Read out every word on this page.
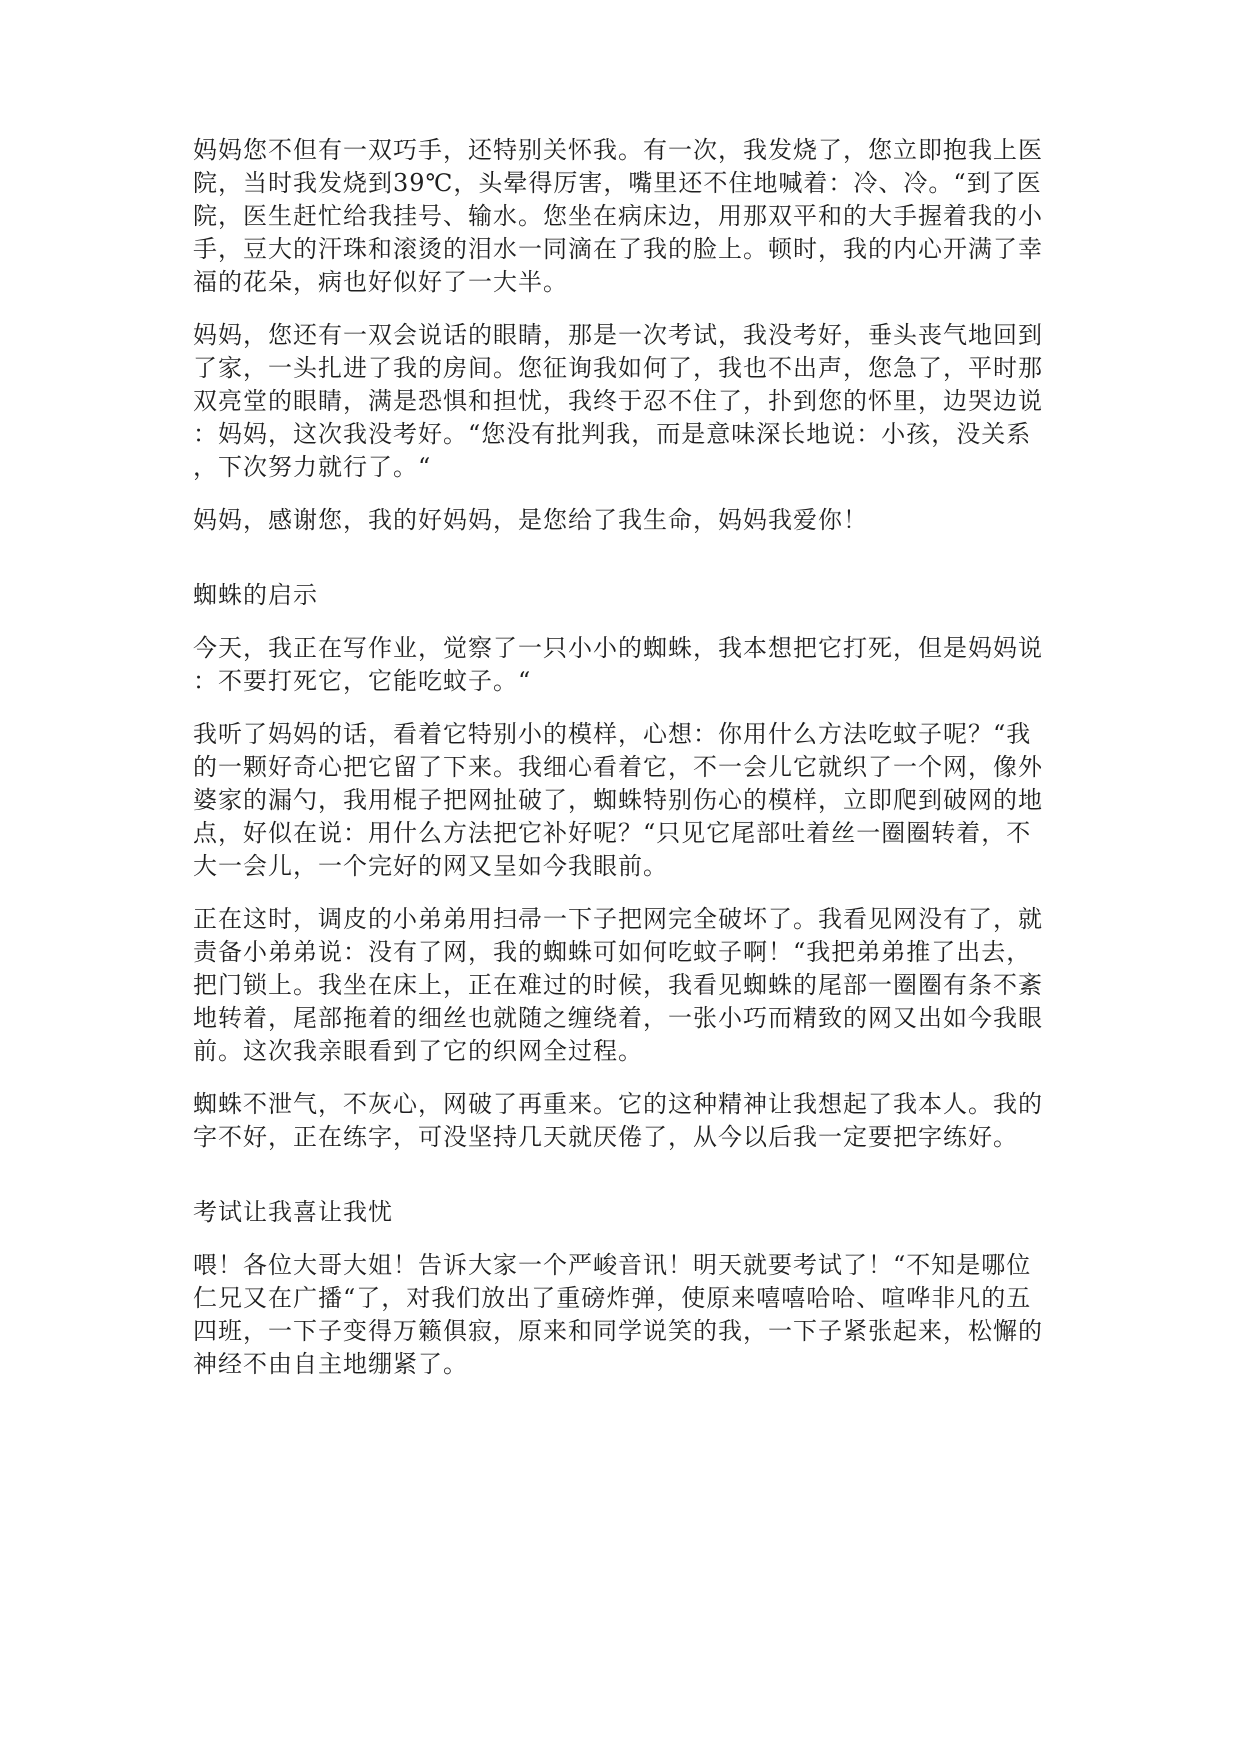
妈妈您不但有一双巧手，还特别关怀我。有一次，我发烧了，您立即抱我上医
院，当时我发烧到39℃，头晕得厉害，嘴里还不住地喊着：冷、冷。“到了医
院，医生赶忙给我挂号、输水。您坐在病床边，用那双平和的大手握着我的小
手，豆大的汗珠和滚烫的泪水一同滴在了我的脸上。顿时，我的内心开满了幸
福的花朵，病也好似好了一大半。
妈妈，您还有一双会说话的眼睛，那是一次考试，我没考好，垂头丧气地回到
了家，一头扎进了我的房间。您征询我如何了，我也不出声，您急了，平时那
双亮堂的眼睛，满是恐惧和担忧，我终于忍不住了，扑到您的怀里，边哭边说
：妈妈，这次我没考好。“您没有批判我，而是意味深长地说：小孩，没关系
，下次努力就行了。“
妈妈，感谢您，我的好妈妈，是您给了我生命，妈妈我爱你！
蜘蛛的启示
今天，我正在写作业，觉察了一只小小的蜘蛛，我本想把它打死，但是妈妈说
：不要打死它，它能吃蚊子。“
我听了妈妈的话，看着它特别小的模样，心想：你用什么方法吃蚊子呢？“我
的一颗好奇心把它留了下来。我细心看着它，不一会儿它就织了一个网，像外
婆家的漏勺，我用棍子把网扯破了，蜘蛛特别伤心的模样，立即爬到破网的地
点，好似在说：用什么方法把它补好呢？“只见它尾部吐着丝一圈圈转着，不
大一会儿，一个完好的网又呈如今我眼前。
正在这时，调皮的小弟弟用扫帚一下子把网完全破坏了。我看见网没有了，就
责备小弟弟说：没有了网，我的蜘蛛可如何吃蚊子啊！“我把弟弟推了出去，
把门锁上。我坐在床上，正在难过的时候，我看见蜘蛛的尾部一圈圈有条不紊
地转着，尾部拖着的细丝也就随之缠绕着，一张小巧而精致的网又出如今我眼
前。这次我亲眼看到了它的织网全过程。
蜘蛛不泄气，不灰心，网破了再重来。它的这种精神让我想起了我本人。我的
字不好，正在练字，可没坚持几天就厌倦了，从今以后我一定要把字练好。
考试让我喜让我忧
喂！各位大哥大姐！告诉大家一个严峻音讯！明天就要考试了！“不知是哪位
仁兄又在广播“了，对我们放出了重磅炸弹，使原来嘻嘻哈哈、喧哗非凡的五
四班，一下子变得万籁俱寂，原来和同学说笑的我，一下子紧张起来，松懈的
神经不由自主地绷紧了。
